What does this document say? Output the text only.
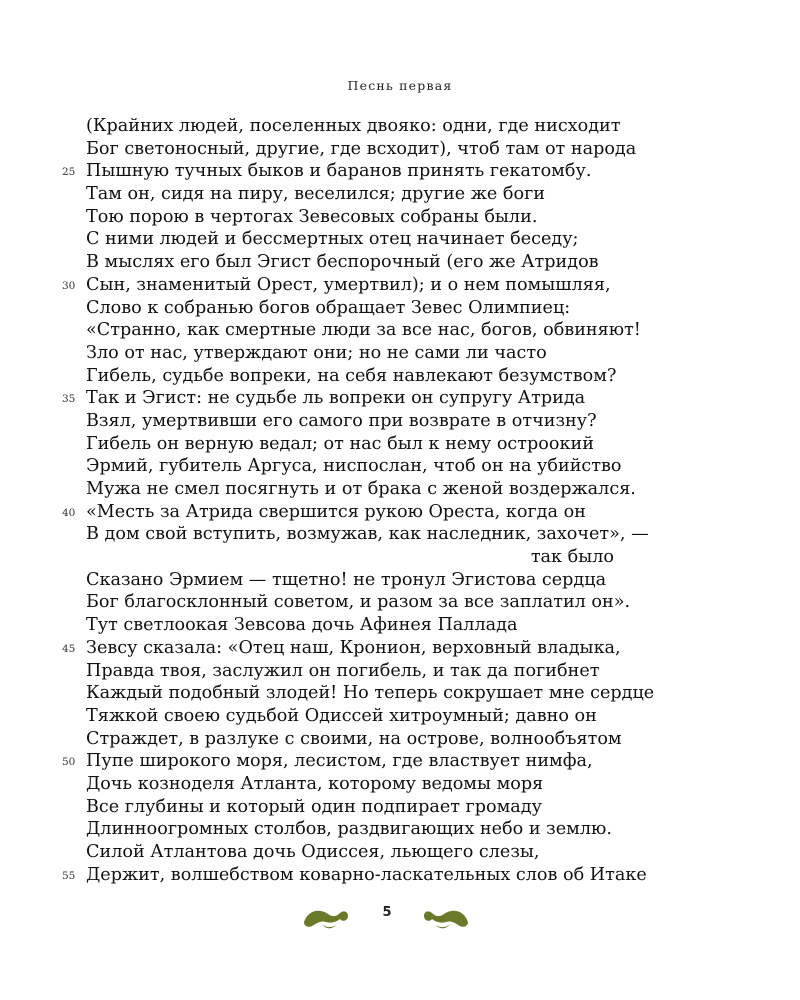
Песнь первая
(Крайних людей, поселенных двояко: одни, где нисходит
Бог светоносный, другие, где всходит), чтоб там от народа
25 Пышную тучных быков и баранов принять гекатомбу.
Там он, сидя на пиру, веселился; другие же боги
Тою порою в чертогах Зевесовых собраны были.
С ними людей и бессмертных отец начинает беседу;
В мыслях его был Эгист беспорочный (его же Атридов
30 Сын, знаменитый Орест, умертвил); и о нем помышляя,
Слово к собранью богов обращает Зевес Олимпиец:
«Странно, как смертные люди за все нас, богов, обвиняют!
Зло от нас, утверждают они; но не сами ли часто
Гибель, судьбе вопреки, на себя навлекают безумством?
35 Так и Эгист: не судьбе ль вопреки он супругу Атрида
Взял, умертвивши его самого при возврате в отчизну?
Гибель он верную ведал; от нас был к нему остроокий
Эрмий, губитель Аргуса, ниспослан, чтоб он на убийство
Мужа не смел посягнуть и от брака с женой воздержался.
40 «Месть за Атрида свершится рукою Ореста, когда он
В дом свой вступить, возмужав, как наследник, захочет», —
так было
Сказано Эрмием — тщетно! не тронул Эгистова сердца
Бог благосклонный советом, и разом за все заплатил он».
Тут светлоокая Зевсова дочь Афинея Паллада
45 Зевсу сказала: «Отец наш, Кронион, верховный владыка,
Правда твоя, заслужил он погибель, и так да погибнет
Каждый подобный злодей! Но теперь сокрушает мне сердце
Тяжкой своею судьбой Одиссей хитроумный; давно он
Страждет, в разлуке с своими, на острове, волнообъятом
50 Пупе широкого моря, лесистом, где властвует нимфа,
Дочь козноделя Атланта, которому ведомы моря
Все глубины и который один подпирает громаду
Длинноогромных столбов, раздвигающих небо и землю.
Силой Атлантова дочь Одиссея, льющего слезы,
55 Держит, волшебством коварно-ласкательных слов об Итаке
5
